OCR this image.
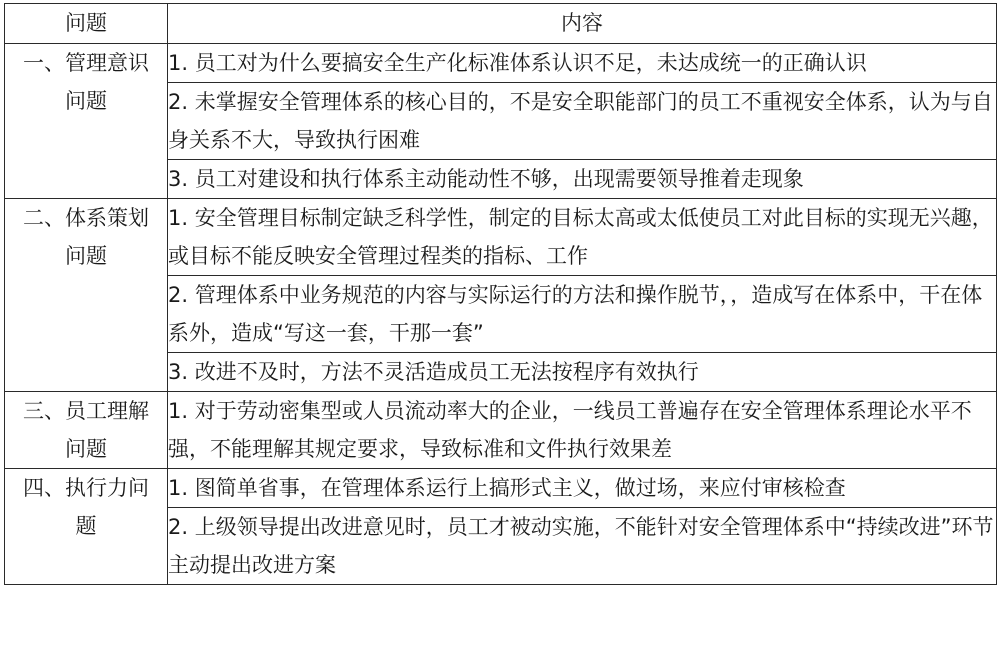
问题	内容

一、管理意识
问题	1. 员工对为什么要搞安全生产化标准体系认识不足，未达成统一的正确认识
	2. 未掌握安全管理体系的核心目的，不是安全职能部门的员工不重视安全体系，认为与自身关系不大，导致执行困难
	3. 员工对建设和执行体系主动能动性不够，出现需要领导推着走现象

二、体系策划
问题	1. 安全管理目标制定缺乏科学性，制定的目标太高或太低使员工对此目标的实现无兴趣，或目标不能反映安全管理过程类的指标、工作
	2. 管理体系中业务规范的内容与实际运行的方法和操作脱节，，造成写在体系中，干在体系外，造成“写这一套，干那一套”
	3. 改进不及时，方法不灵活造成员工无法按程序有效执行

三、员工理解
问题	1. 对于劳动密集型或人员流动率大的企业，一线员工普遍存在安全管理体系理论水平不强，不能理解其规定要求，导致标准和文件执行效果差

四、执行力问
题	1. 图简单省事，在管理体系运行上搞形式主义，做过场，来应付审核检查
	2. 上级领导提出改进意见时，员工才被动实施，不能针对安全管理体系中“持续改进”环节主动提出改进方案
